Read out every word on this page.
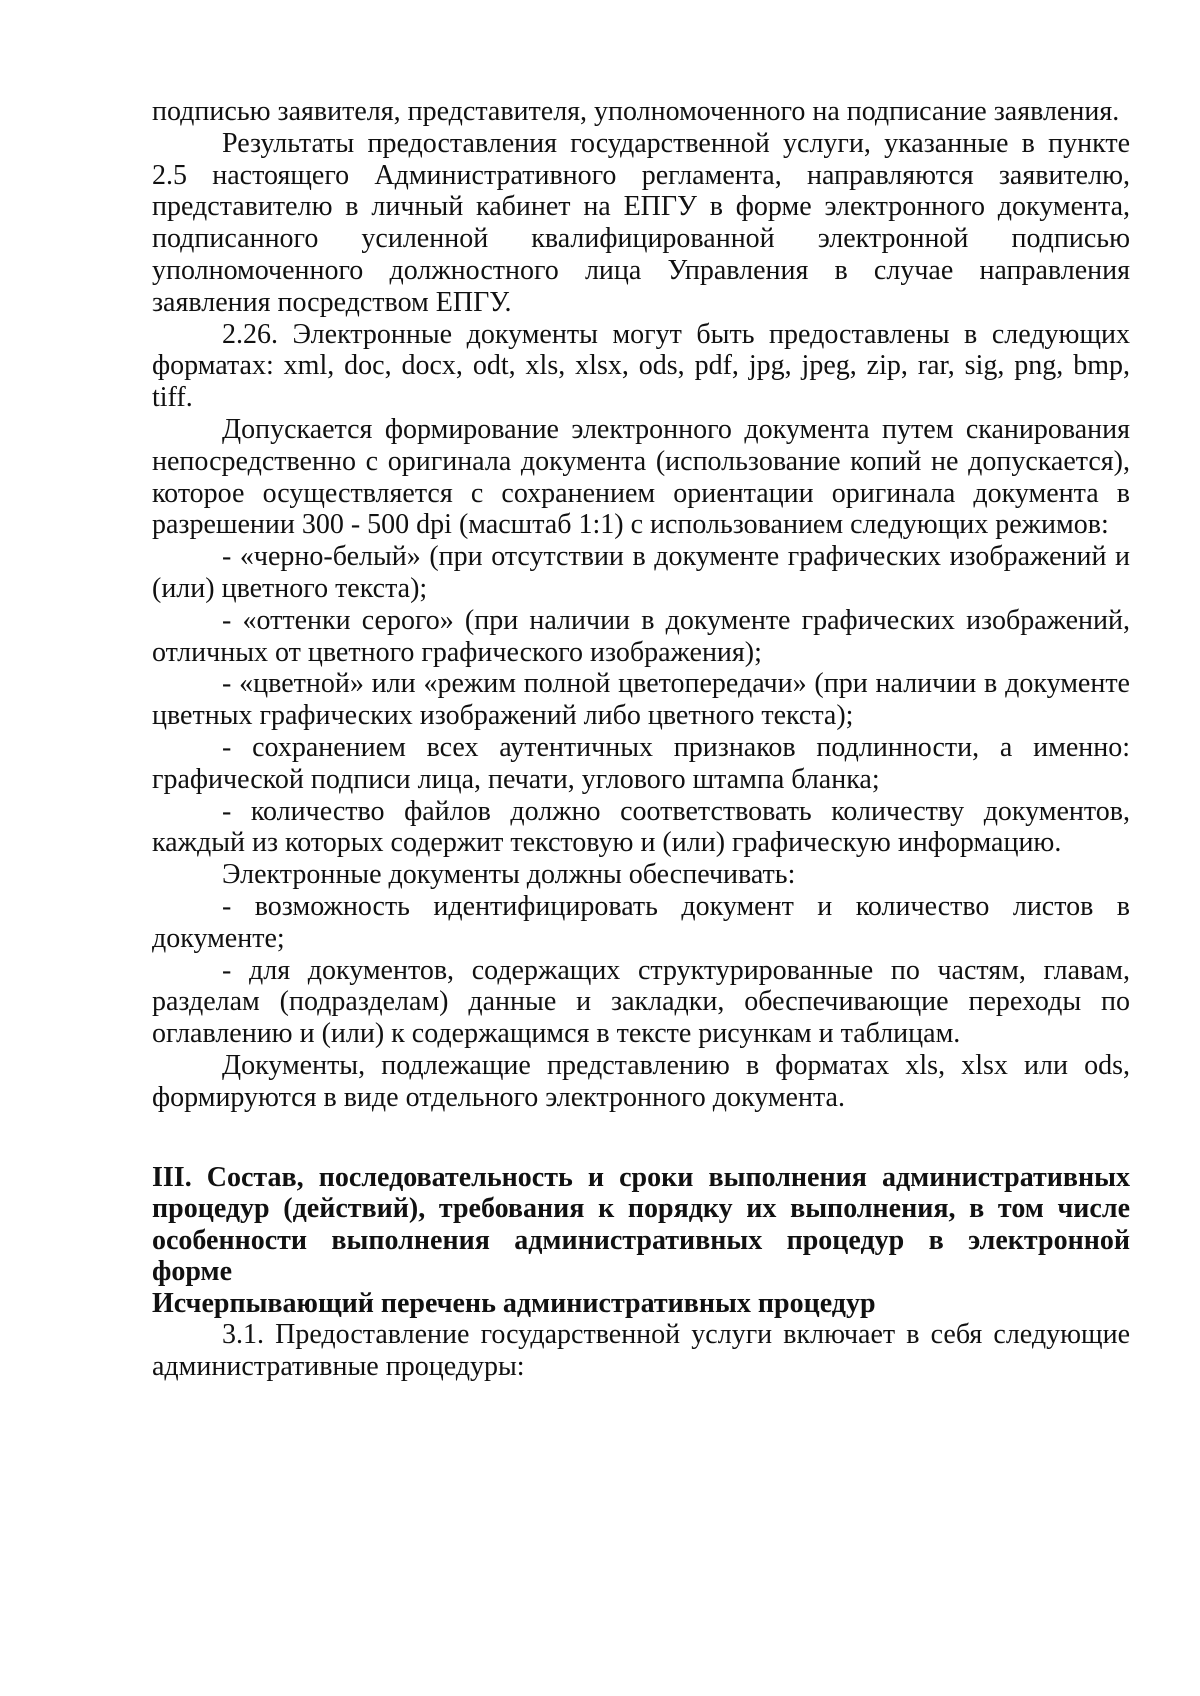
подписью заявителя, представителя, уполномоченного на подписание заявления.

Результаты предоставления государственной услуги, указанные в пункте 2.5 настоящего Административного регламента, направляются заявителю, представителю в личный кабинет на ЕПГУ в форме электронного документа, подписанного усиленной квалифицированной электронной подписью уполномоченного должностного лица Управления в случае направления заявления посредством ЕПГУ.

2.26. Электронные документы могут быть предоставлены в следующих форматах: xml, doc, docx, odt, xls, xlsx, ods, pdf, jpg, jpeg, zip, rar, sig, png, bmp, tiff.

Допускается формирование электронного документа путем сканирования непосредственно с оригинала документа (использование копий не допускается), которое осуществляется с сохранением ориентации оригинала документа в разрешении 300 - 500 dpi (масштаб 1:1) с использованием следующих режимов:

- «черно-белый» (при отсутствии в документе графических изображений и (или) цветного текста);

- «оттенки серого» (при наличии в документе графических изображений, отличных от цветного графического изображения);

- «цветной» или «режим полной цветопередачи» (при наличии в документе цветных графических изображений либо цветного текста);

- сохранением всех аутентичных признаков подлинности, а именно: графической подписи лица, печати, углового штампа бланка;

- количество файлов должно соответствовать количеству документов, каждый из которых содержит текстовую и (или) графическую информацию.

Электронные документы должны обеспечивать:

- возможность идентифицировать документ и количество листов в документе;

- для документов, содержащих структурированные по частям, главам, разделам (подразделам) данные и закладки, обеспечивающие переходы по оглавлению и (или) к содержащимся в тексте рисункам и таблицам.

Документы, подлежащие представлению в форматах xls, xlsx или ods, формируются в виде отдельного электронного документа.

III. Состав, последовательность и сроки выполнения административных процедур (действий), требования к порядку их выполнения, в том числе особенности выполнения административных процедур в электронной форме

Исчерпывающий перечень административных процедур

3.1. Предоставление государственной услуги включает в себя следующие административные процедуры:
